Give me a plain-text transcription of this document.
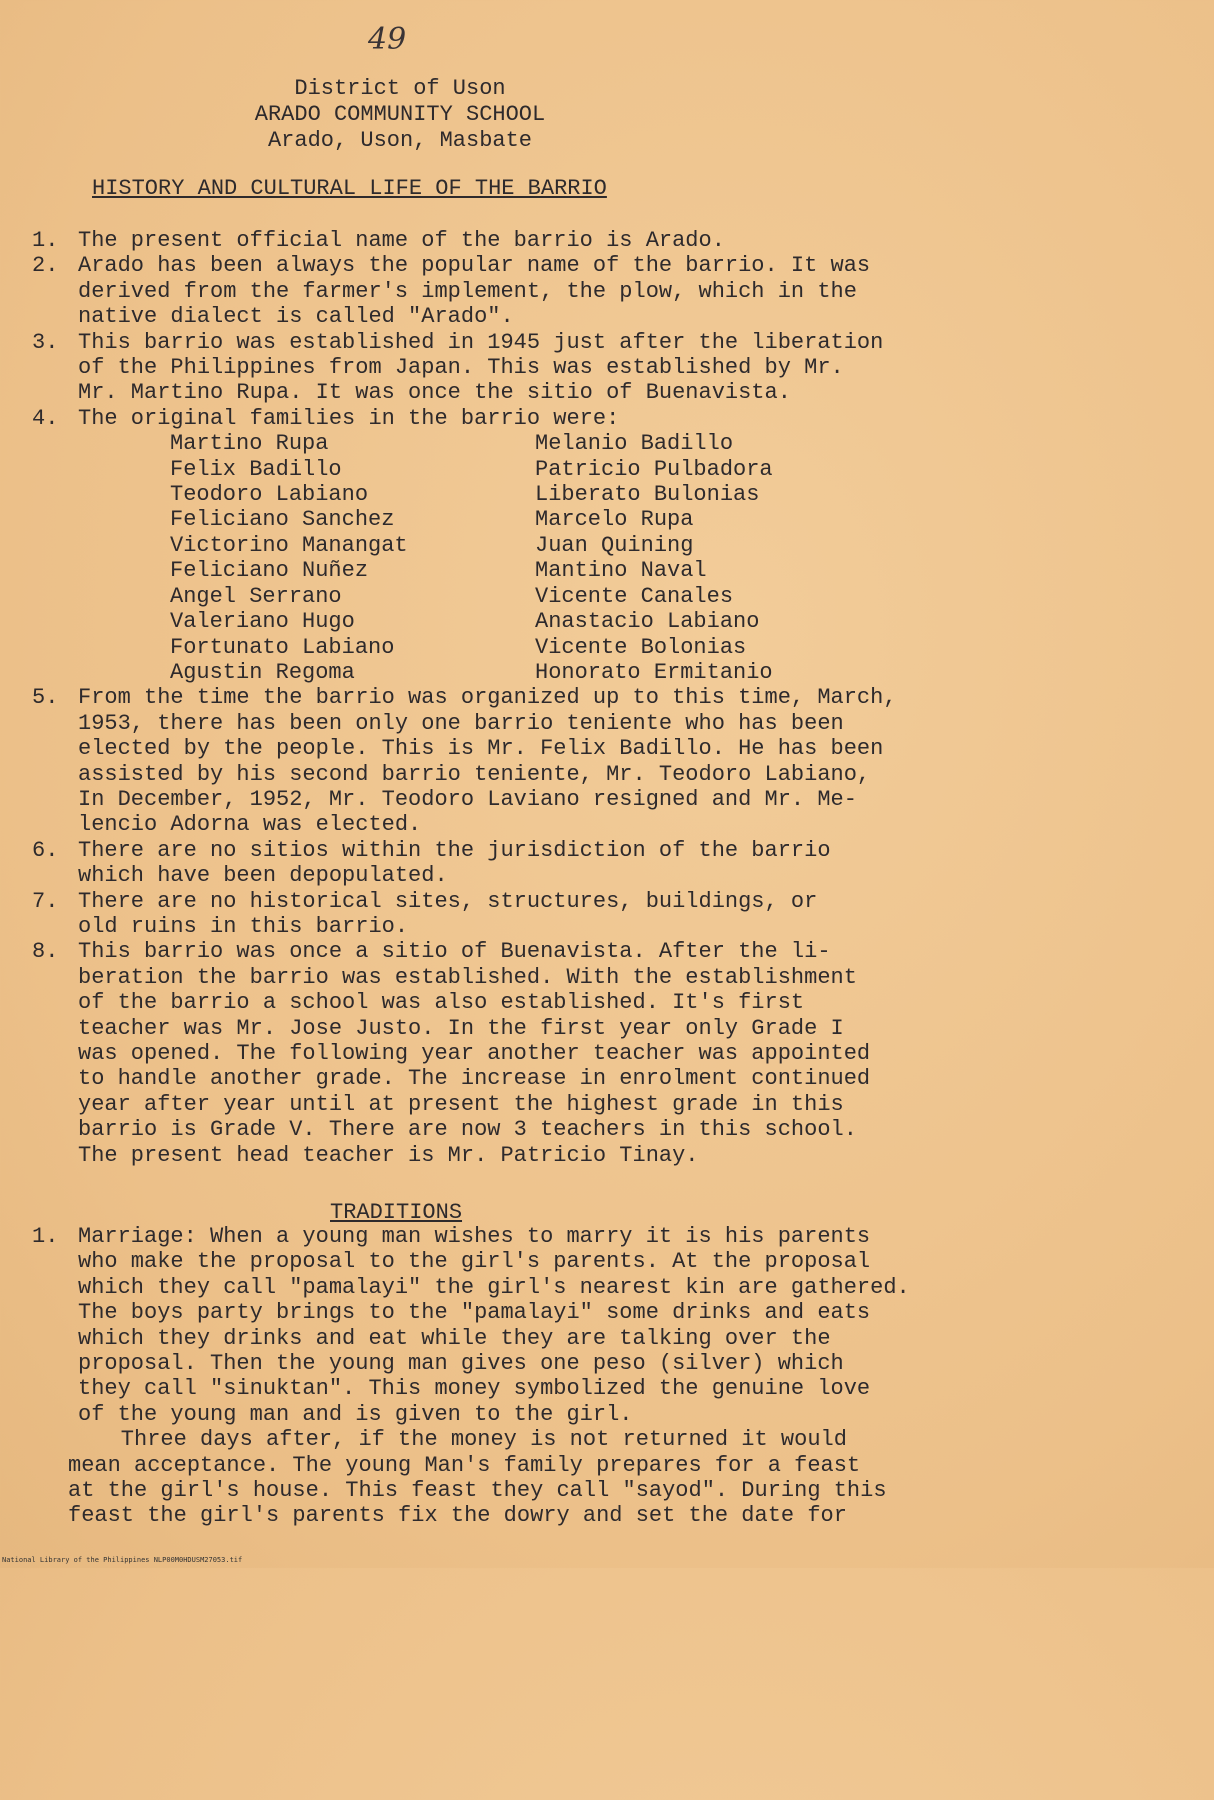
49
District of Uson
ARADO COMMUNITY SCHOOL
Arado, Uson, Masbate
HISTORY AND CULTURAL LIFE OF THE BARRIO
1. The present official name of the barrio is Arado.
2. Arado has been always the popular name of the barrio. It was
derived from the farmer's implement, the plow, which in the
native dialect is called "Arado".
3. This barrio was established in 1945 just after the liberation
of the Philippines from Japan. This was established by Mr.
Mr. Martino Rupa. It was once the sitio of Buenavista.
4. The original families in the barrio were:
Martino Rupa	Melanio Badillo
Felix Badillo	Patricio Pulbadora
Teodoro Labiano	Liberato Bulonias
Feliciano Sanchez	Marcelo Rupa
Victorino Manangat	Juan Quining
Feliciano Nuñez	Mantino Naval
Angel Serrano	Vicente Canales
Valeriano Hugo	Anastacio Labiano
Fortunato Labiano	Vicente Bolonias
Agustin Regoma	Honorato Ermitanio
5. From the time the barrio was organized up to this time, March,
1953, there has been only one barrio teniente who has been
elected by the people. This is Mr. Felix Badillo. He has been
assisted by his second barrio teniente, Mr. Teodoro Labiano,
In December, 1952, Mr. Teodoro Laviano resigned and Mr. Me-
lencio Adorna was elected.
6. There are no sitios within the jurisdiction of the barrio
which have been depopulated.
7. There are no historical sites, structures, buildings, or
old ruins in this barrio.
8. This barrio was once a sitio of Buenavista. After the li-
beration the barrio was established. With the establishment
of the barrio a school was also established. It's first
teacher was Mr. Jose Justo. In the first year only Grade I
was opened. The following year another teacher was appointed
to handle another grade. The increase in enrolment continued
year after year until at present the highest grade in this
barrio is Grade V. There are now 3 teachers in this school.
The present head teacher is Mr. Patricio Tinay.
TRADITIONS
1. Marriage: When a young man wishes to marry it is his parents
who make the proposal to the girl's parents. At the proposal
which they call "pamalayi" the girl's nearest kin are gathered.
The boys party brings to the "pamalayi" some drinks and eats
which they drinks and eat while they are talking over the
proposal. Then the young man gives one peso (silver) which
they call "sinuktan". This money symbolized the genuine love
of the young man and is given to the girl.
Three days after, if the money is not returned it would
mean acceptance. The young Man's family prepares for a feast
at the girl's house. This feast they call "sayod". During this
feast the girl's parents fix the dowry and set the date for
National Library of the Philippines NLP00M0HDUSM27053.tif
